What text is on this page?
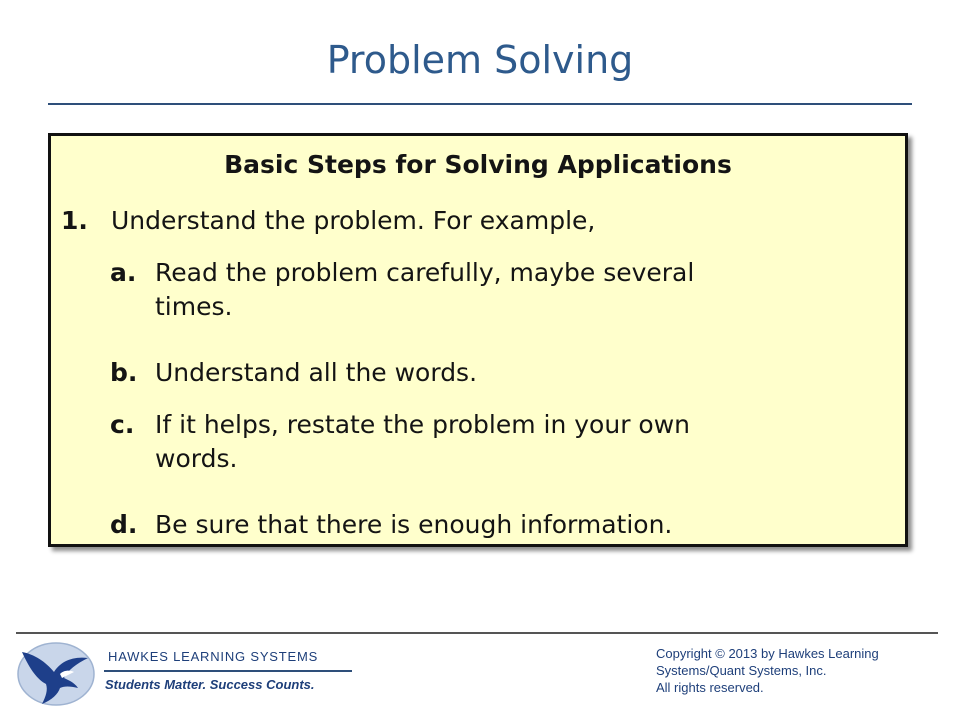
Problem Solving
Basic Steps for Solving Applications
1. Understand the problem. For example,
a. Read the problem carefully, maybe several
times.
b. Understand all the words.
c. If it helps, restate the problem in your own
words.
d. Be sure that there is enough information.
HAWKES LEARNING SYSTEMS
Students Matter. Success Counts.
Copyright © 2013 by Hawkes Learning
Systems/Quant Systems, Inc.
All rights reserved.
